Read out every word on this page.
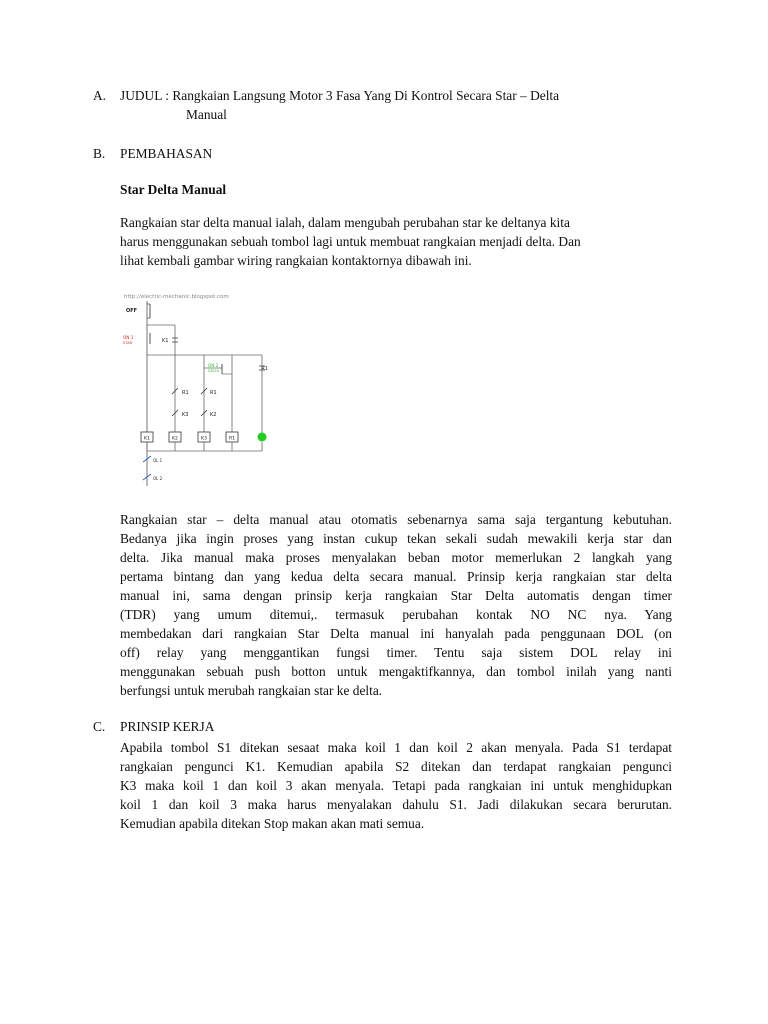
A. JUDUL : Rangkaian Langsung Motor 3 Fasa Yang Di Kontrol Secara Star – Delta
Manual
B. PEMBAHASAN
Star Delta Manual
Rangkaian star delta manual ialah, dalam mengubah perubahan star ke deltanya kita
harus menggunakan sebuah tombol lagi untuk membuat rangkaian menjadi delta. Dan
lihat kembali gambar wiring rangkaian kontaktornya dibawah ini.
http://electric-mechanic.blogspot.com
OFF
ON 1
STAR	K1
ON 2
DELTA	R1
R1
K3
R1
K2
K1	K2	K3	R1
OL 1
OL 2
Rangkaian star – delta manual atau otomatis sebenarnya sama saja tergantung kebutuhan.
Bedanya jika ingin proses yang instan cukup tekan sekali sudah mewakili kerja star dan
delta. Jika manual maka proses menyalakan beban motor memerlukan 2 langkah yang
pertama bintang dan yang kedua delta secara manual. Prinsip kerja rangkaian star delta
manual ini, sama dengan prinsip kerja rangkaian Star Delta automatis dengan timer
(TDR) yang umum ditemui,. termasuk perubahan kontak NO NC nya. Yang
membedakan dari rangkaian Star Delta manual ini hanyalah pada penggunaan DOL (on
off) relay yang menggantikan fungsi timer. Tentu saja sistem DOL relay ini
menggunakan sebuah push botton untuk mengaktifkannya, dan tombol inilah yang nanti
berfungsi untuk merubah rangkaian star ke delta.
C. PRINSIP KERJA
Apabila tombol S1 ditekan sesaat maka koil 1 dan koil 2 akan menyala. Pada S1 terdapat
rangkaian pengunci K1. Kemudian apabila S2 ditekan dan terdapat rangkaian pengunci
K3 maka koil 1 dan koil 3 akan menyala. Tetapi pada rangkaian ini untuk menghidupkan
koil 1 dan koil 3 maka harus menyalakan dahulu S1. Jadi dilakukan secara berurutan.
Kemudian apabila ditekan Stop makan akan mati semua.
